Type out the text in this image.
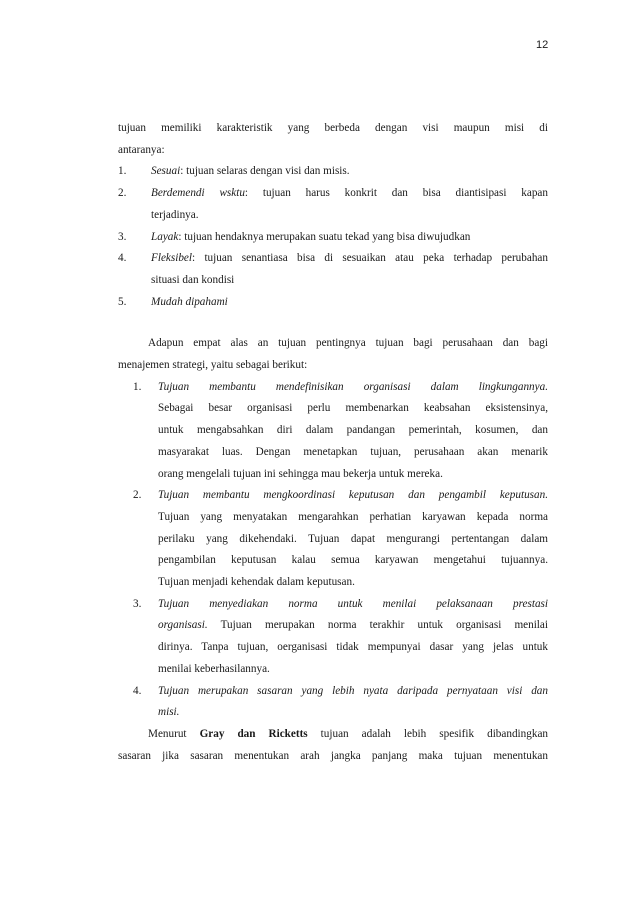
12

tujuan memiliki karakteristik yang berbeda dengan visi maupun misi di

antaranya:

1.	Sesuai: tujuan selaras dengan visi dan misis.

2.	Berdemendi wsktu: tujuan harus konkrit dan bisa diantisipasi kapan

terjadinya.

3.	Layak: tujuan hendaknya merupakan suatu tekad yang bisa diwujudkan

4.	Fleksibel: tujuan senantiasa bisa di sesuaikan atau peka terhadap perubahan

situasi dan kondisi

5.	Mudah dipahami

Adapun empat alas an tujuan pentingnya tujuan bagi perusahaan dan bagi

menajemen strategi, yaitu sebagai berikut:

1. Tujuan membantu mendefinisikan organisasi dalam lingkungannya.

Sebagai besar organisasi perlu membenarkan keabsahan eksistensinya,

untuk mengabsahkan diri dalam pandangan pemerintah, kosumen, dan

masyarakat luas. Dengan menetapkan tujuan, perusahaan akan menarik

orang mengelali tujuan ini sehingga mau bekerja untuk mereka.

2. Tujuan membantu mengkoordinasi keputusan dan pengambil keputusan.

Tujuan yang menyatakan mengarahkan perhatian karyawan kepada norma

perilaku yang dikehendaki. Tujuan dapat mengurangi pertentangan dalam

pengambilan keputusan kalau semua karyawan mengetahui tujuannya.

Tujuan menjadi kehendak dalam keputusan.

3. Tujuan menyediakan norma untuk menilai pelaksanaan prestasi

organisasi. Tujuan merupakan norma terakhir untuk organisasi menilai

dirinya. Tanpa tujuan, oerganisasi tidak mempunyai dasar yang jelas untuk

menilai keberhasilannya.

4. Tujuan merupakan sasaran yang lebih nyata daripada pernyataan visi dan

misi.

Menurut Gray dan Ricketts tujuan adalah lebih spesifik dibandingkan

sasaran jika sasaran menentukan arah jangka panjang maka tujuan menentukan
